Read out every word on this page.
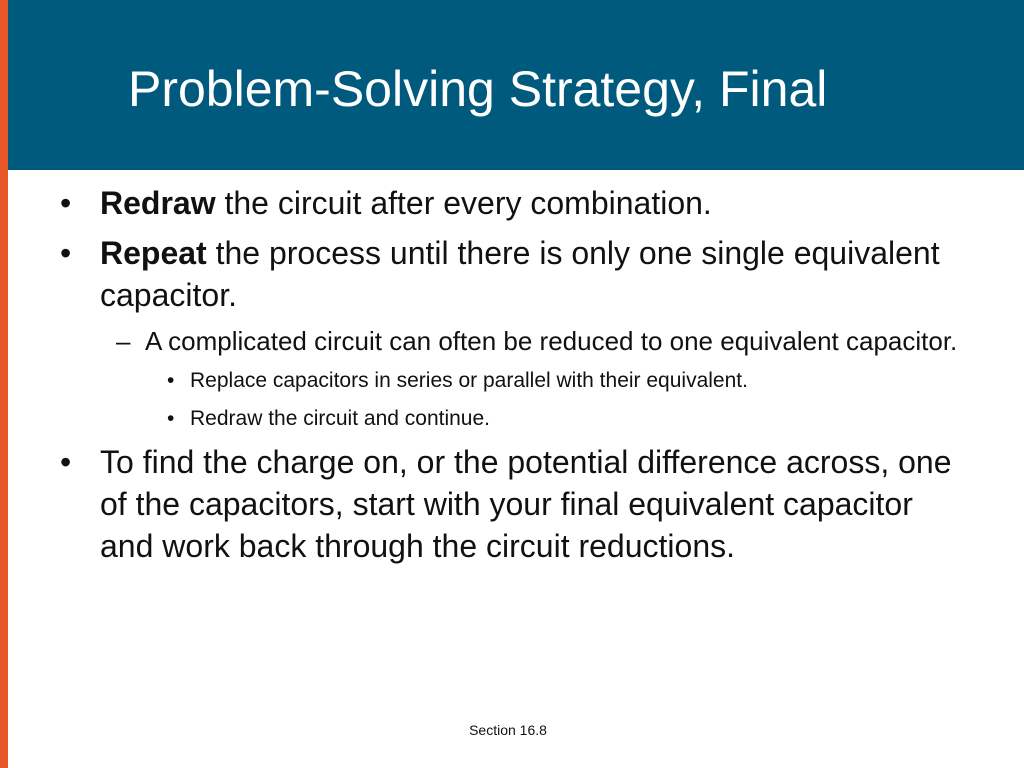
Problem-Solving Strategy, Final
• Redraw the circuit after every combination.
• Repeat the process until there is only one single equivalent capacitor.
– A complicated circuit can often be reduced to one equivalent capacitor.
• Replace capacitors in series or parallel with their equivalent.
• Redraw the circuit and continue.
• To find the charge on, or the potential difference across, one of the capacitors, start with your final equivalent capacitor and work back through the circuit reductions.
Section 16.8
